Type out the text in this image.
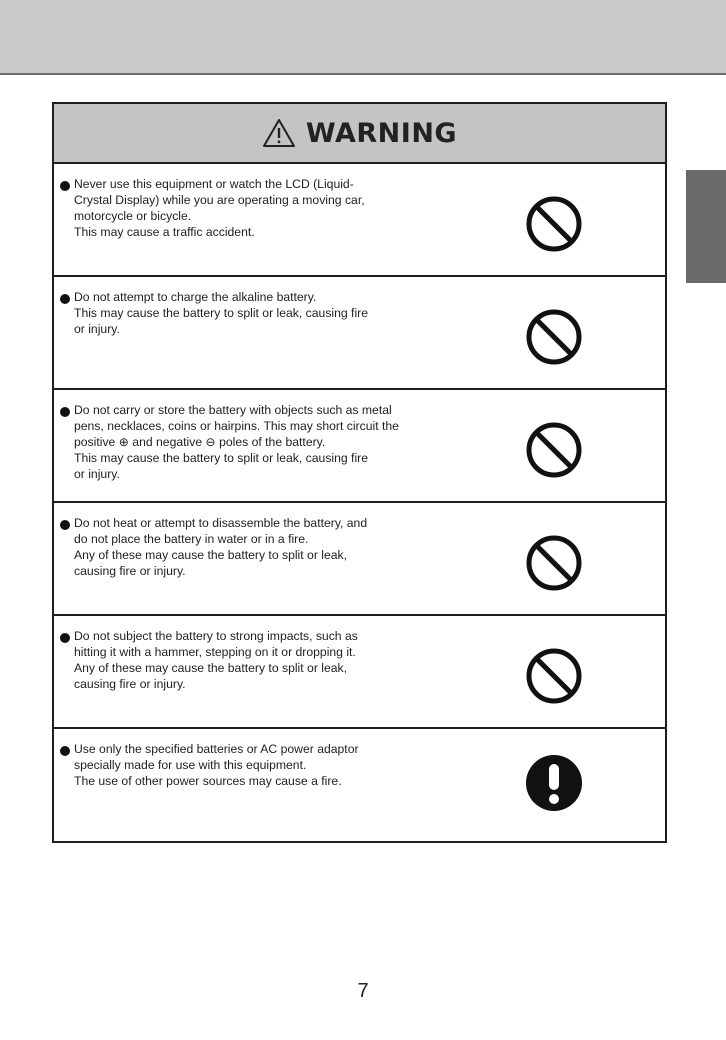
WARNING

Never use this equipment or watch the LCD (Liquid-

Crystal Display) while you are operating a moving car,

motorcycle or bicycle.

This may cause a traffic accident.

Do not attempt to charge the alkaline battery.

This may cause the battery to split or leak, causing fire

or injury.

Do not carry or store the battery with objects such as metal

pens, necklaces, coins or hairpins. This may short circuit the

positive ⊕ and negative ⊖ poles of the battery.

This may cause the battery to split or leak, causing fire

or injury.

Do not heat or attempt to disassemble the battery, and

do not place the battery in water or in a fire.

Any of these may cause the battery to split or leak,

causing fire or injury.

Do not subject the battery to strong impacts, such as

hitting it with a hammer, stepping on it or dropping it.

Any of these may cause the battery to split or leak,

causing fire or injury.

Use only the specified batteries or AC power adaptor

specially made for use with this equipment.

The use of other power sources may cause a fire.

7
